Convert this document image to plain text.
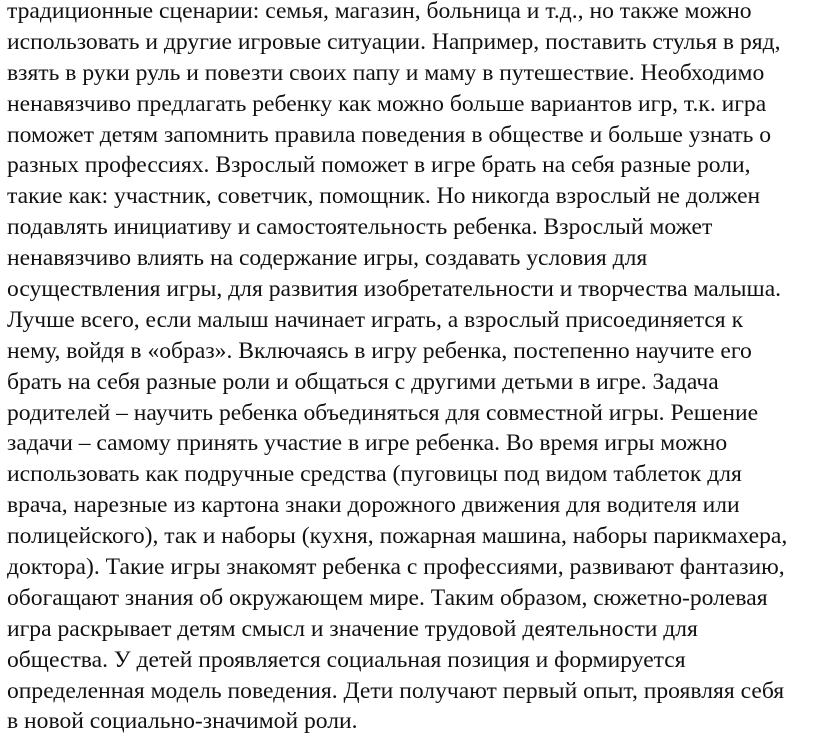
традиционные сценарии: семья, магазин, больница и т.д., но также можно
использовать и другие игровые ситуации. Например, поставить стулья в ряд,
взять в руки руль и повезти своих папу и маму в путешествие. Необходимо
ненавязчиво предлагать ребенку как можно больше вариантов игр, т.к. игра
поможет детям запомнить правила поведения в обществе и больше узнать о
разных профессиях. Взрослый поможет в игре брать на себя разные роли,
такие как: участник, советчик, помощник. Но никогда взрослый не должен
подавлять инициативу и самостоятельность ребенка. Взрослый может
ненавязчиво влиять на содержание игры, создавать условия для
осуществления игры, для развития изобретательности и творчества малыша.
Лучше всего, если малыш начинает играть, а взрослый присоединяется к
нему, войдя в «образ». Включаясь в игру ребенка, постепенно научите его
брать на себя разные роли и общаться с другими детьми в игре. Задача
родителей – научить ребенка объединяться для совместной игры. Решение
задачи – самому принять участие в игре ребенка. Во время игры можно
использовать как подручные средства (пуговицы под видом таблеток для
врача, нарезные из картона знаки дорожного движения для водителя или
полицейского), так и наборы (кухня, пожарная машина, наборы парикмахера,
доктора). Такие игры знакомят ребенка с профессиями, развивают фантазию,
обогащают знания об окружающем мире. Таким образом, сюжетно-ролевая
игра раскрывает детям смысл и значение трудовой деятельности для
общества. У детей проявляется социальная позиция и формируется
определенная модель поведения. Дети получают первый опыт, проявляя себя
в новой социально-значимой роли.
